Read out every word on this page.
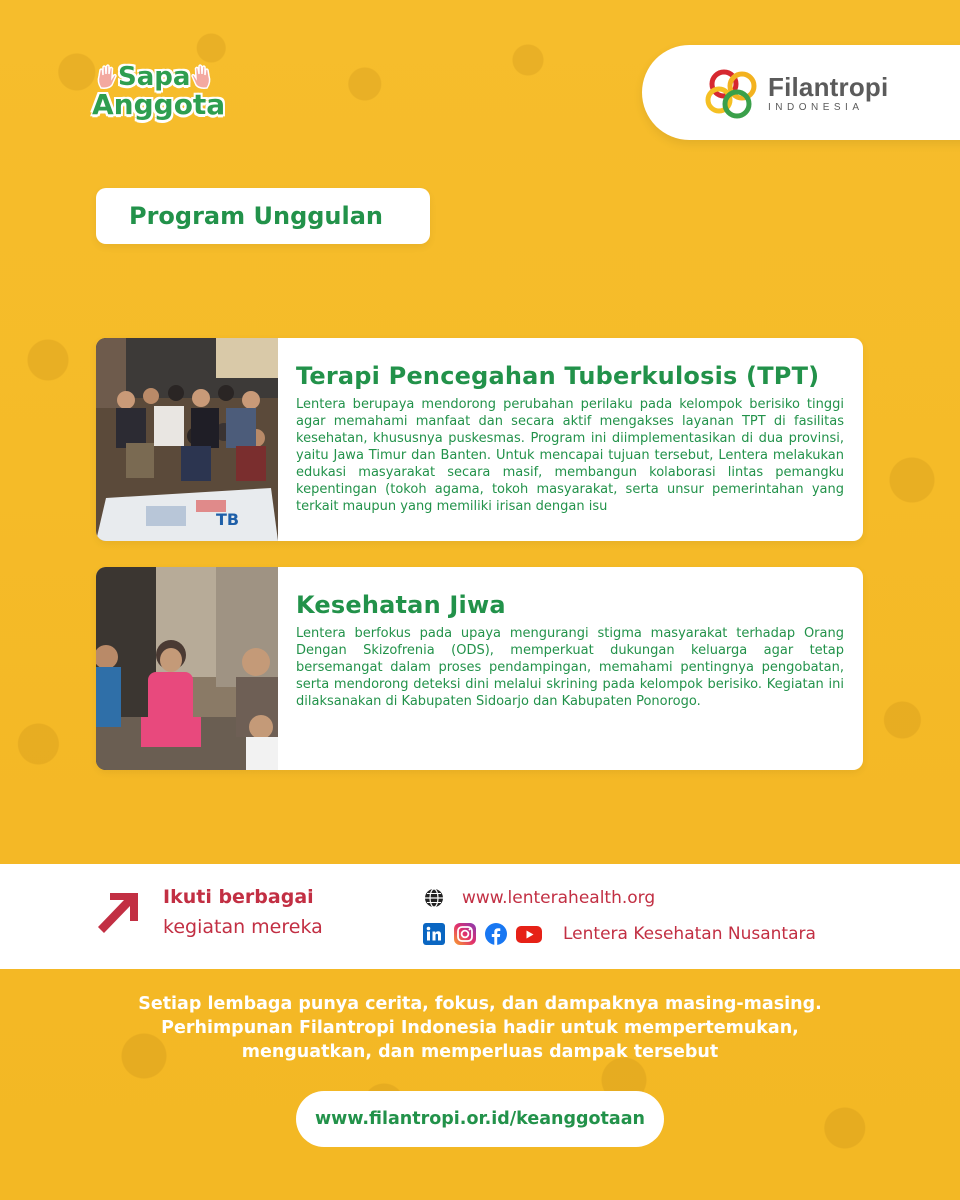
Sapa
Anggota
Filantropi
INDONESIA
Program Unggulan
TB
Terapi Pencegahan Tuberkulosis (TPT)

Lentera berupaya mendorong perubahan perilaku pada kelompok berisiko tinggi agar memahami manfaat dan secara aktif mengakses layanan TPT di fasilitas kesehatan, khususnya puskesmas. Program ini diimplementasikan di dua provinsi, yaitu Jawa Timur dan Banten. Untuk mencapai tujuan tersebut, Lentera melakukan edukasi masyarakat secara masif, membangun kolaborasi lintas pemangku kepentingan (tokoh agama, tokoh masyarakat, serta unsur pemerintahan yang terkait maupun yang memiliki irisan dengan isu

Kesehatan Jiwa

Lentera berfokus pada upaya mengurangi stigma masyarakat terhadap Orang Dengan Skizofrenia (ODS), memperkuat dukungan keluarga agar tetap bersemangat dalam proses pendampingan, memahami pentingnya pengobatan, serta mendorong deteksi dini melalui skrining pada kelompok berisiko. Kegiatan ini dilaksanakan di Kabupaten Sidoarjo dan Kabupaten Ponorogo.

Ikuti berbagai
kegiatan mereka
www.lenterahealth.org
Lentera Kesehatan Nusantara
Setiap lembaga punya cerita, fokus, dan dampaknya masing-masing.
Perhimpunan Filantropi Indonesia hadir untuk mempertemukan,
menguatkan, dan memperluas dampak tersebut
www.filantropi.or.id/keanggotaan
